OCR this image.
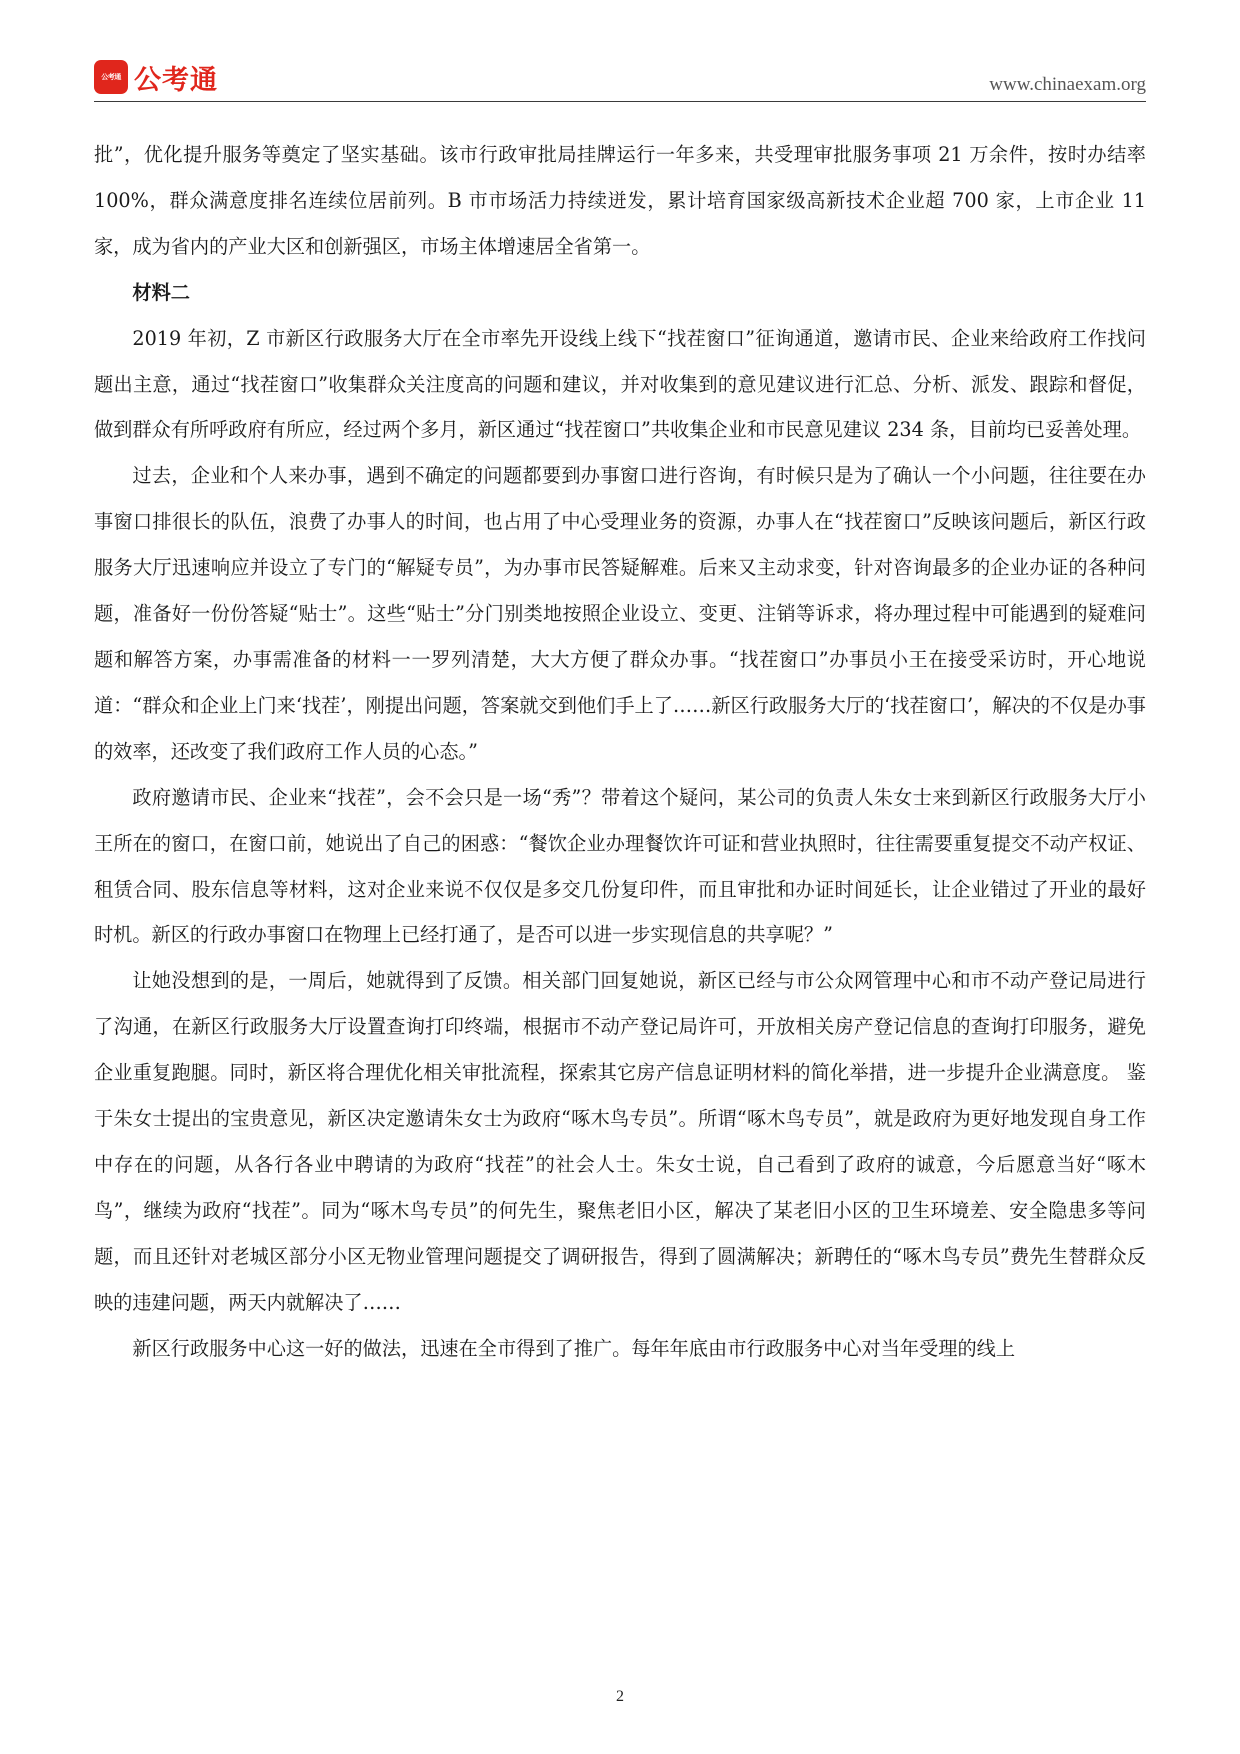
公考通 公考通	www.chinaexam.org

批”，优化提升服务等奠定了坚实基础。该市行政审批局挂牌运行一年多来，共受理审批服务事项 21 万余件，按时办结率 100%，群众满意度排名连续位居前列。B 市市场活力持续迸发，累计培育国家级高新技术企业超 700 家，上市企业 11 家，成为省内的产业大区和创新强区，市场主体增速居全省第一。

材料二

2019 年初，Z 市新区行政服务大厅在全市率先开设线上线下“找茬窗口”征询通道，邀请市民、企业来给政府工作找问题出主意，通过“找茬窗口”收集群众关注度高的问题和建议，并对收集到的意见建议进行汇总、分析、派发、跟踪和督促，做到群众有所呼政府有所应，经过两个多月，新区通过“找茬窗口”共收集企业和市民意见建议 234 条，目前均已妥善处理。

过去，企业和个人来办事，遇到不确定的问题都要到办事窗口进行咨询，有时候只是为了确认一个小问题，往往要在办事窗口排很长的队伍，浪费了办事人的时间，也占用了中心受理业务的资源，办事人在“找茬窗口”反映该问题后，新区行政服务大厅迅速响应并设立了专门的“解疑专员”，为办事市民答疑解难。后来又主动求变，针对咨询最多的企业办证的各种问题，准备好一份份答疑“贴士”。这些“贴士”分门别类地按照企业设立、变更、注销等诉求，将办理过程中可能遇到的疑难问题和解答方案，办事需准备的材料一一罗列清楚，大大方便了群众办事。“找茬窗口”办事员小王在接受采访时，开心地说道：“群众和企业上门来‘找茬’，刚提出问题，答案就交到他们手上了……新区行政服务大厅的‘找茬窗口’，解决的不仅是办事的效率，还改变了我们政府工作人员的心态。”

政府邀请市民、企业来“找茬”，会不会只是一场“秀”？带着这个疑问，某公司的负责人朱女士来到新区行政服务大厅小王所在的窗口，在窗口前，她说出了自己的困惑：“餐饮企业办理餐饮许可证和营业执照时，往往需要重复提交不动产权证、租赁合同、股东信息等材料，这对企业来说不仅仅是多交几份复印件，而且审批和办证时间延长，让企业错过了开业的最好时机。新区的行政办事窗口在物理上已经打通了，是否可以进一步实现信息的共享呢？”

让她没想到的是，一周后，她就得到了反馈。相关部门回复她说，新区已经与市公众网管理中心和市不动产登记局进行了沟通，在新区行政服务大厅设置查询打印终端，根据市不动产登记局许可，开放相关房产登记信息的查询打印服务，避免企业重复跑腿。同时，新区将合理优化相关审批流程，探索其它房产信息证明材料的简化举措，进一步提升企业满意度。 鉴于朱女士提出的宝贵意见，新区决定邀请朱女士为政府“啄木鸟专员”。所谓“啄木鸟专员”，就是政府为更好地发现自身工作中存在的问题，从各行各业中聘请的为政府“找茬”的社会人士。朱女士说，自己看到了政府的诚意，今后愿意当好“啄木鸟”，继续为政府“找茬”。同为“啄木鸟专员”的何先生，聚焦老旧小区，解决了某老旧小区的卫生环境差、安全隐患多等问题，而且还针对老城区部分小区无物业管理问题提交了调研报告，得到了圆满解决；新聘任的“啄木鸟专员”费先生替群众反映的违建问题，两天内就解决了……

新区行政服务中心这一好的做法，迅速在全市得到了推广。每年年底由市行政服务中心对当年受理的线上

2
